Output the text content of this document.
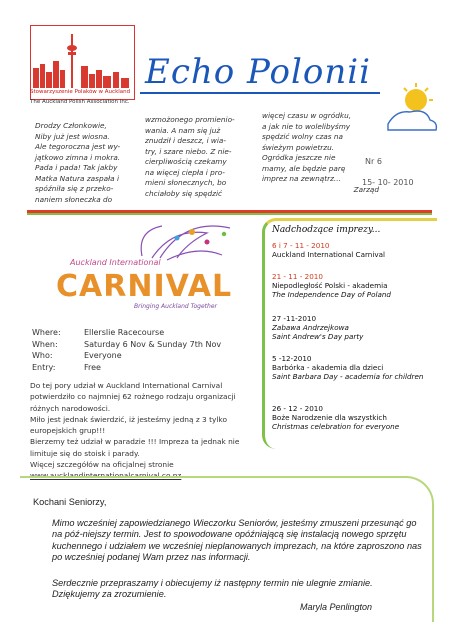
Stowarzyszenie Polaków w Auckland
The Auckland Polish Association Inc.
Echo Polonii
Drodzy Członkowie,
Niby już jest wiosna.
Ale tegoroczna jest wy-
jątkowo zimna i mokra.
Pada i pada! Tak jakby
Matka Natura zaspała i
spóźniła się z przeko-
naniem słoneczka do
wzmożonego promienio-
wania. A nam się już
znudził i deszcz, i wia-
try, i szare niebo. Z nie-
cierpliwością czekamy
na więcej ciepła i pro-
mieni słonecznych, bo
chciałoby się spędzić
więcej czasu w ogródku,
a jak nie to wolelibyśmy
spędzić wolny czas na
świeżym powietrzu.
Ogródka jeszcze nie
mamy, ale będzie parę
imprez na zewnątrz...
Zarząd
Nr 6
15- 10- 2010
Auckland International
CARNIVAL
Bringing Auckland Together
Where:	Ellerslie Racecourse
When:	Saturday 6 Nov & Sunday 7th Nov
Who:	Everyone
Entry:	Free
Do tej pory udział w Auckland International Carnival potwierdziło co najmniej 62 rożnego rodzaju organizacji różnych narodowości.
Miło jest jednak świerdzić, iż jesteśmy jedną z 3 tylko europejskich grup!!!
Bierzemy też udział w paradzie !!! Impreza ta jednak nie limituje się do stoisk i parady.
Więcej szczegółów na oficjalnej stronie www.aucklandinternationalcarnival.co.nz
Nadchodzące imprezy...
6 i 7 - 11 - 2010
Auckland International Carnival
21 - 11 - 2010
Niepodległość Polski - akademia
The Independence Day of Poland
27 -11-2010
Zabawa Andrzejkowa
Saint Andrew's Day party
5 -12-2010
Barbórka - akademia dla dzieci
Saint Barbara Day - academia for children
26 - 12 - 2010
Boże Narodzenie dla wszystkich
Christmas celebration for everyone
Kochani Seniorzy,
Mimo wcześniej zapowiedzianego Wieczorku Seniorów, jesteśmy zmuszeni przesunąć go na póź-niejszy termin. Jest to spowodowane opóźniającą się instalacją nowego sprzętu kuchennego i udziałem we wcześniej nieplanowanych imprezach, na które zaproszono nas po wcześniej podanej Wam przez nas informacji.
Serdecznie przepraszamy i obiecujemy iż następny termin nie ulegnie zmianie.
Dziękujemy za zrozumienie.
Maryla Penlington
